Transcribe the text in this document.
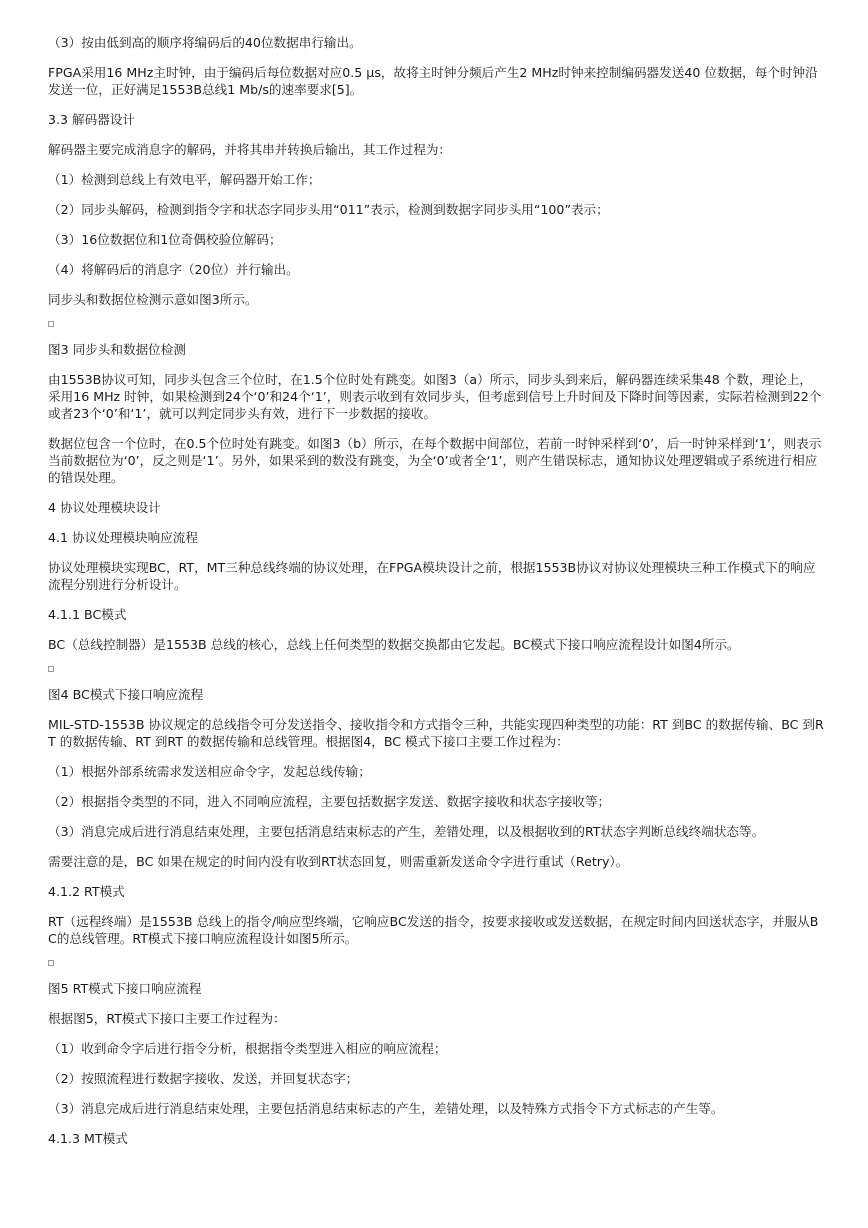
（3）按由低到高的顺序将编码后的40位数据串行输出。

FPGA采用16 MHz主时钟，由于编码后每位数据对应0.5 μs，故将主时钟分频后产生2 MHz时钟来控制编码器发送40 位数据，每个时钟沿发送一位，正好满足1553B总线1 Mb/s的速率要求[5]。

3.3 解码器设计

解码器主要完成消息字的解码，并将其串并转换后输出，其工作过程为：

（1）检测到总线上有效电平，解码器开始工作；

（2）同步头解码，检测到指令字和状态字同步头用“011”表示，检测到数据字同步头用“100”表示；

（3）16位数据位和1位奇偶校验位解码；

（4）将解码后的消息字（20位）并行输出。

同步头和数据位检测示意如图3所示。

图3 同步头和数据位检测

由1553B协议可知，同步头包含三个位时，在1.5个位时处有跳变。如图3（a）所示，同步头到来后，解码器连续采集48 个数，理论上，采用16 MHz 时钟，如果检测到24个‘0’和24个‘1’，则表示收到有效同步头，但考虑到信号上升时间及下降时间等因素，实际若检测到22个或者23个‘0’和‘1’，就可以判定同步头有效，进行下一步数据的接收。

数据位包含一个位时，在0.5个位时处有跳变。如图3（b）所示，在每个数据中间部位，若前一时钟采样到‘0’，后一时钟采样到‘1’，则表示当前数据位为‘0’，反之则是‘1’。另外，如果采到的数没有跳变，为全‘0’或者全‘1’，则产生错误标志，通知协议处理逻辑或子系统进行相应的错误处理。

4 协议处理模块设计

4.1 协议处理模块响应流程

协议处理模块实现BC，RT，MT三种总线终端的协议处理，在FPGA模块设计之前，根据1553B协议对协议处理模块三种工作模式下的响应流程分别进行分析设计。

4.1.1 BC模式

BC（总线控制器）是1553B 总线的核心，总线上任何类型的数据交换都由它发起。BC模式下接口响应流程设计如图4所示。

图4 BC模式下接口响应流程

MIL-STD-1553B 协议规定的总线指令可分发送指令、接收指令和方式指令三种，共能实现四种类型的功能：RT 到BC 的数据传输、BC 到RT 的数据传输、RT 到RT 的数据传输和总线管理。根据图4，BC 模式下接口主要工作过程为：

（1）根据外部系统需求发送相应命令字，发起总线传输；

（2）根据指令类型的不同，进入不同响应流程，主要包括数据字发送、数据字接收和状态字接收等；

（3）消息完成后进行消息结束处理，主要包括消息结束标志的产生，差错处理，以及根据收到的RT状态字判断总线终端状态等。

需要注意的是，BC 如果在规定的时间内没有收到RT状态回复，则需重新发送命令字进行重试（Retry）。

4.1.2 RT模式

RT（远程终端）是1553B 总线上的指令/响应型终端，它响应BC发送的指令，按要求接收或发送数据，在规定时间内回送状态字，并服从BC的总线管理。RT模式下接口响应流程设计如图5所示。

图5 RT模式下接口响应流程

根据图5，RT模式下接口主要工作过程为：

（1）收到命令字后进行指令分析，根据指令类型进入相应的响应流程；

（2）按照流程进行数据字接收、发送，并回复状态字；

（3）消息完成后进行消息结束处理，主要包括消息结束标志的产生，差错处理，以及特殊方式指令下方式标志的产生等。

4.1.3 MT模式
